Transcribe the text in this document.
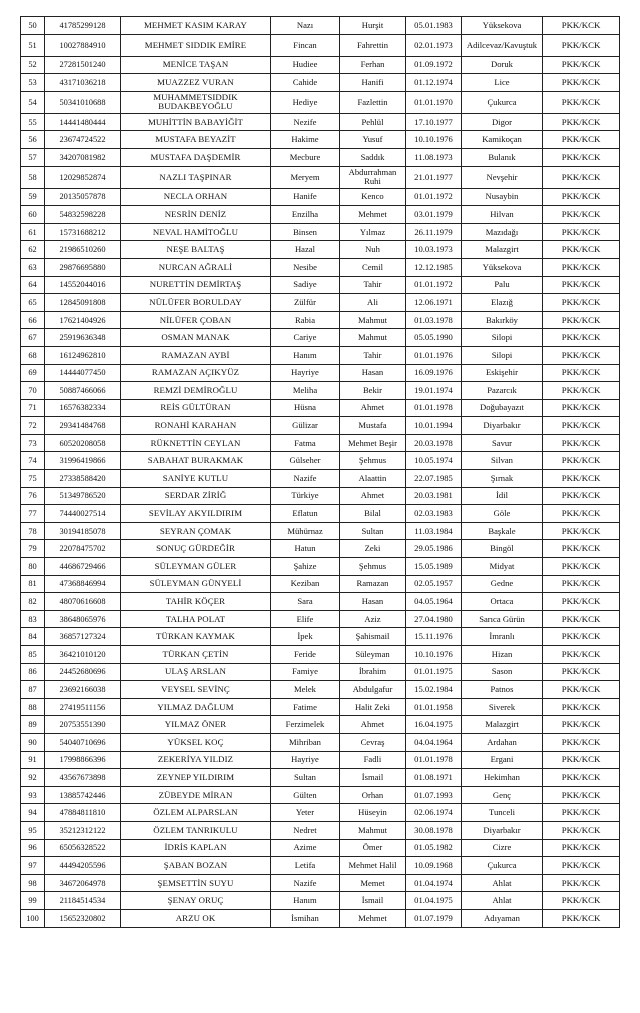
50	41785299128	MEHMET KASIM KARAY	Nazı	Hurşit	05.01.1983	Yüksekova	PKK/KCK
51	10027884910	MEHMET SIDDIK EMİRE	Fincan	Fahrettin	02.01.1973	Adilcevaz/Kavuştuk	PKK/KCK
52	27281501240	MENİCE TAŞAN	Hudiee	Ferhan	01.09.1972	Doruk	PKK/KCK
53	43171036218	MUAZZEZ VURAN	Cahide	Hanifi	01.12.1974	Lice	PKK/KCK
54	50341010688	MUHAMMETSIDDIK BUDAKBEYOĞLU	Hediye	Fazlettin	01.01.1970	Çukurca	PKK/KCK
55	14441480444	MUHİTTİN BABAYİĞİT	Nezife	Pehlül	17.10.1977	Digor	PKK/KCK
56	23674724522	MUSTAFA BEYAZİT	Hakime	Yusuf	10.10.1976	Kamikoçan	PKK/KCK
57	34207081982	MUSTAFA DAŞDEMİR	Mecbure	Saddık	11.08.1973	Bulanık	PKK/KCK
58	12029852874	NAZLI TAŞPINAR	Meryem	Abdurrahman Ruhi	21.01.1977	Nevşehir	PKK/KCK
59	20135057878	NECLA ORHAN	Hanife	Kenco	01.01.1972	Nusaybin	PKK/KCK
60	54832598228	NESRİN DENİZ	Enzilha	Mehmet	03.01.1979	Hilvan	PKK/KCK
61	15731688212	NEVAL HAMİTOĞLU	Binsen	Yılmaz	26.11.1979	Mazıdağı	PKK/KCK
62	21986510260	NEŞE BALTAŞ	Hazal	Nuh	10.03.1973	Malazgirt	PKK/KCK
63	29876695880	NURCAN AĞRALİ	Nesibe	Cemil	12.12.1985	Yüksekova	PKK/KCK
64	14552044016	NURETTİN DEMİRTAŞ	Sadiye	Tahir	01.01.1972	Palu	PKK/KCK
65	12845091808	NÜLÜFER BORULDAY	Zülfür	Ali	12.06.1971	Elazığ	PKK/KCK
66	17621404926	NİLÜFER ÇOBAN	Rabia	Mahmut	01.03.1978	Bakırköy	PKK/KCK
67	25919636348	OSMAN MANAK	Cariye	Mahmut	05.05.1990	Silopi	PKK/KCK
68	16124962810	RAMAZAN AYBİ	Hanım	Tahir	01.01.1976	Silopi	PKK/KCK
69	14444077450	RAMAZAN AÇIKYÜZ	Hayriye	Hasan	16.09.1976	Eskişehir	PKK/KCK
70	50887466066	REMZİ DEMİROĞLU	Meliha	Bekir	19.01.1974	Pazarcık	PKK/KCK
71	16576382334	REİS GÜLTÜRAN	Hüsna	Ahmet	01.01.1978	Doğubayazıt	PKK/KCK
72	29341484768	RONAHİ KARAHAN	Gülizar	Mustafa	10.01.1994	Diyarbakır	PKK/KCK
73	60520208058	RÜKNETTİN CEYLAN	Fatma	Mehmet Beşir	20.03.1978	Savur	PKK/KCK
74	31996419866	SABAHAT BURAKMAK	Gülseher	Şehmus	10.05.1974	Silvan	PKK/KCK
75	27338588420	SANİYE KUTLU	Nazife	Alaattin	22.07.1985	Şırnak	PKK/KCK
76	51349786520	SERDAR ZİRİĞ	Türkiye	Ahmet	20.03.1981	İdil	PKK/KCK
77	74440027514	SEVİLAY AKYILDIRIM	Eflatun	Bilal	02.03.1983	Göle	PKK/KCK
78	30194185078	SEYRAN ÇOMAK	Mühürnaz	Sultan	11.03.1984	Başkale	PKK/KCK
79	22078475702	SONUÇ GÜRDEĞİR	Hatun	Zeki	29.05.1986	Bingöl	PKK/KCK
80	44686729466	SÜLEYMAN GÜLER	Şahize	Şehmus	15.05.1989	Midyat	PKK/KCK
81	47368846994	SÜLEYMAN GÜNYELİ	Keziban	Ramazan	02.05.1957	Gedne	PKK/KCK
82	48070616608	TAHİR KÖÇER	Sara	Hasan	04.05.1964	Ortaca	PKK/KCK
83	38648065976	TALHA POLAT	Elife	Aziz	27.04.1980	Sarıca Gürün	PKK/KCK
84	36857127324	TÜRKAN KAYMAK	İpek	Şahismail	15.11.1976	İmranlı	PKK/KCK
85	36421010120	TÜRKAN ÇETİN	Feride	Süleyman	10.10.1976	Hizan	PKK/KCK
86	24452680696	ULAŞ ARSLAN	Famiye	İbrahim	01.01.1975	Sason	PKK/KCK
87	23692166038	VEYSEL SEVİNÇ	Melek	Abdulgafur	15.02.1984	Patnos	PKK/KCK
88	27419511156	YILMAZ DAĞLUM	Fatime	Halit Zeki	01.01.1958	Siverek	PKK/KCK
89	20753551390	YILMAZ ÖNER	Ferzimelek	Ahmet	16.04.1975	Malazgirt	PKK/KCK
90	54040710696	YÜKSEL KOÇ	Mihriban	Cevraş	04.04.1964	Ardahan	PKK/KCK
91	17998866396	ZEKERİYA YILDIZ	Hayriye	Fadli	01.01.1978	Ergani	PKK/KCK
92	43567673898	ZEYNEP YILDIRIM	Sultan	İsmail	01.08.1971	Hekimhan	PKK/KCK
93	13885742446	ZÜBEYDE MİRAN	Gülten	Orhan	01.07.1993	Genç	PKK/KCK
94	47884811810	ÖZLEM ALPARSLAN	Yeter	Hüseyin	02.06.1974	Tunceli	PKK/KCK
95	35212312122	ÖZLEM TANRIKULU	Nedret	Mahmut	30.08.1978	Diyarbakır	PKK/KCK
96	65056328522	İDRİS KAPLAN	Azime	Ömer	01.05.1982	Cizre	PKK/KCK
97	44494205596	ŞABAN BOZAN	Letifa	Mehmet Halil	10.09.1968	Çukurca	PKK/KCK
98	34672064978	ŞEMSETTİN SUYU	Nazife	Memet	01.04.1974	Ahlat	PKK/KCK
99	21184514534	ŞENAY ORUÇ	Hanım	İsmail	01.04.1975	Ahlat	PKK/KCK
100	15652320802	ARZU OK	İsmihan	Mehmet	01.07.1979	Adıyaman	PKK/KCK
